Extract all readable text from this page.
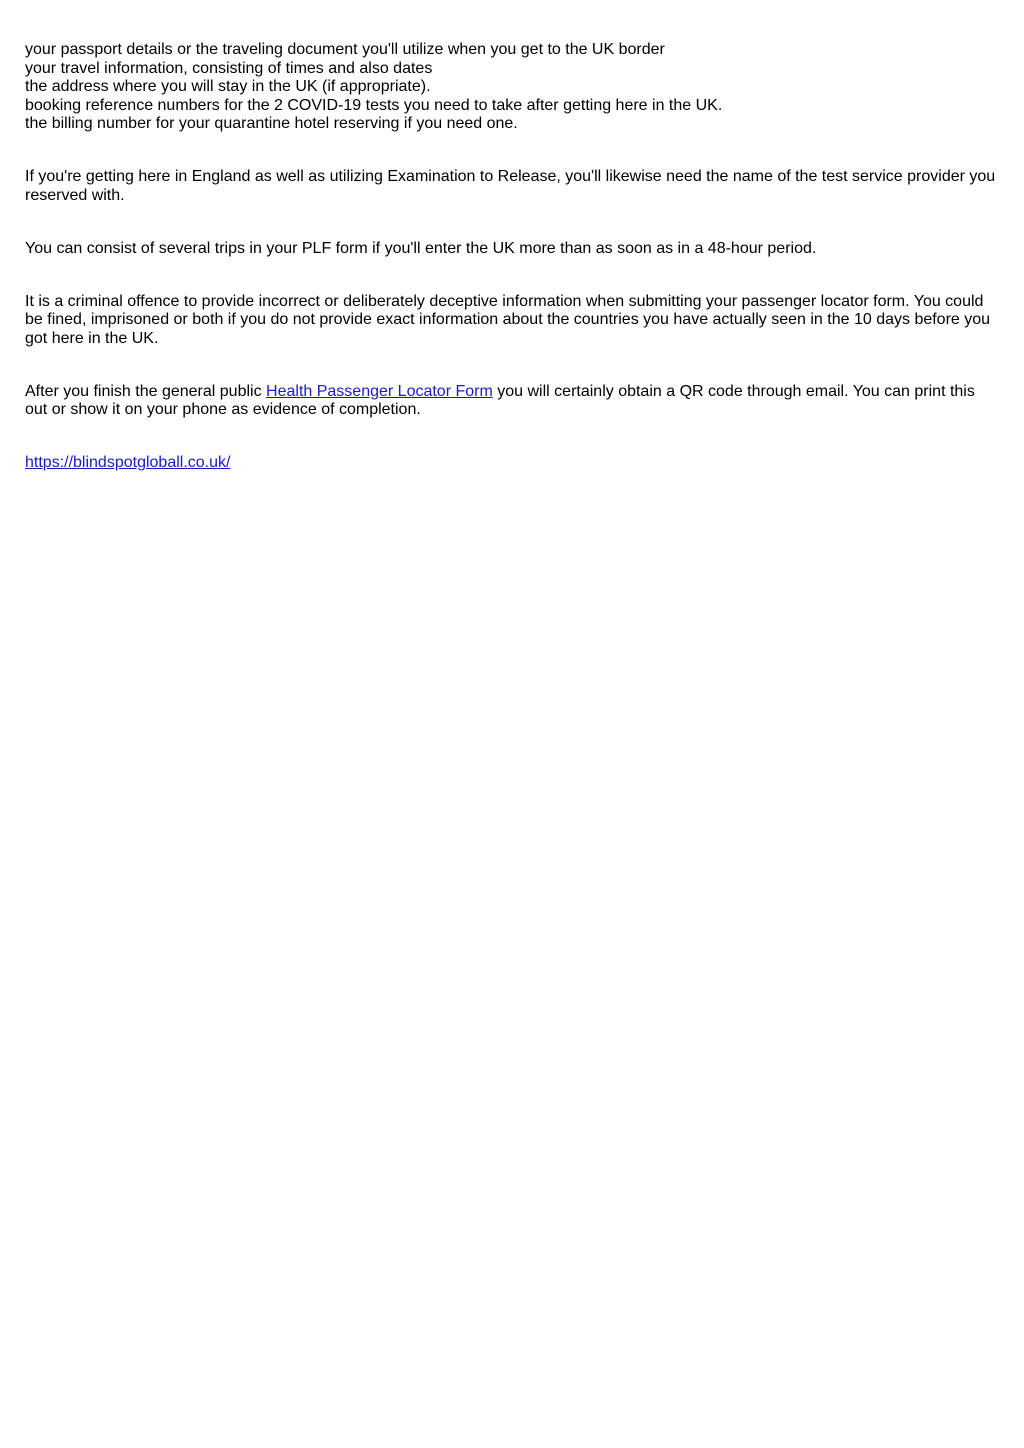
your passport details or the traveling document you'll utilize when you get to the UK border
your travel information, consisting of times and also dates
the address where you will stay in the UK (if appropriate).
booking reference numbers for the 2 COVID-19 tests you need to take after getting here in the UK.
the billing number for your quarantine hotel reserving if you need one.

If you're getting here in England as well as utilizing Examination to Release, you'll likewise need the name of the test service provider you reserved with.

You can consist of several trips in your PLF form if you'll enter the UK more than as soon as in a 48-hour period.

It is a criminal offence to provide incorrect or deliberately deceptive information when submitting your passenger locator form. You could be fined, imprisoned or both if you do not provide exact information about the countries you have actually seen in the 10 days before you got here in the UK.

After you finish the general public Health Passenger Locator Form you will certainly obtain a QR code through email. You can print this out or show it on your phone as evidence of completion.

https://blindspotgloball.co.uk/
